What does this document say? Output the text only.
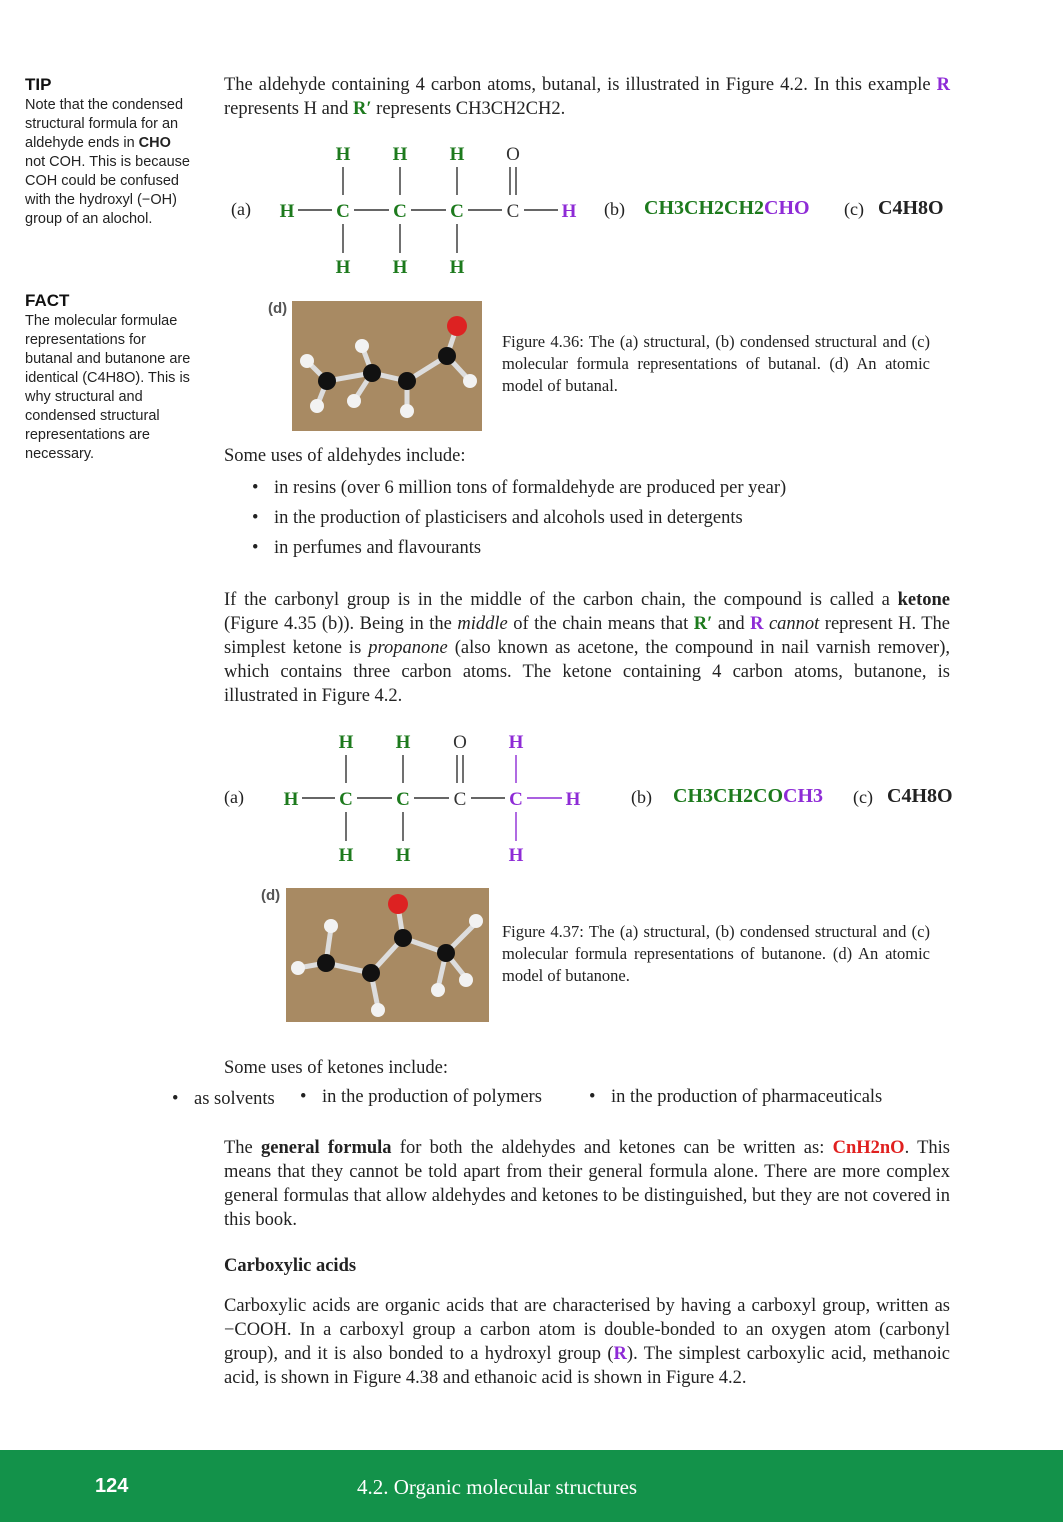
TIP
Note that the condensed structural formula for an aldehyde ends in CHO not COH. This is because COH could be confused with the hydroxyl (−OH) group of an alochol.
FACT
The molecular formulae representations for butanal and butanone are identical (C4H8O). This is why structural and condensed structural representations are necessary.
The aldehyde containing 4 carbon atoms, butanal, is illustrated in Figure 4.2. In this example R represents H and R′ represents CH3CH2CH2.
(a)
H H H
H C C C
H H H
H
O
C	(b) CH3CH2CH2CHO (c) C4H8O
(d)
Figure 4.36: The (a) structural, (b) condensed structural and (c) molecular formula representations of butanal. (d) An atomic model of butanal.
Some uses of aldehydes include:
• in resins (over 6 million tons of formaldehyde are produced per year)
• in the production of plasticisers and alcohols used in detergents
• in perfumes and flavourants
If the carbonyl group is in the middle of the carbon chain, the compound is called a ketone (Figure 4.35 (b)). Being in the middle of the chain means that R′ and R cannot represent H. The simplest ketone is propanone (also known as acetone, the compound in nail varnish remover), which contains three carbon atoms. The ketone containing 4 carbon atoms, butanone, is illustrated in Figure 4.2.
(a)
H H
H C C
H H
H
C H
H
O
C	(b) CH3CH2COCH3 (c) C4H8O
(d)
Figure 4.37: The (a) structural, (b) condensed structural and (c) molecular formula representations of butanone. (d) An atomic model of butanone.
Some uses of ketones include:
• as solvents • in the production of polymers	• in the production of pharmaceuticals
The general formula for both the aldehydes and ketones can be written as: CnH2nO. This means that they cannot be told apart from their general formula alone. There are more complex general formulas that allow aldehydes and ketones to be distinguished, but they are not covered in this book.
Carboxylic acids
Carboxylic acids are organic acids that are characterised by having a carboxyl group, written as −COOH. In a carboxyl group a carbon atom is double-bonded to an oxygen atom (carbonyl group), and it is also bonded to a hydroxyl group (R). The simplest carboxylic acid, methanoic acid, is shown in Figure 4.38 and ethanoic acid is shown in Figure 4.2.
124	4.2. Organic molecular structures
